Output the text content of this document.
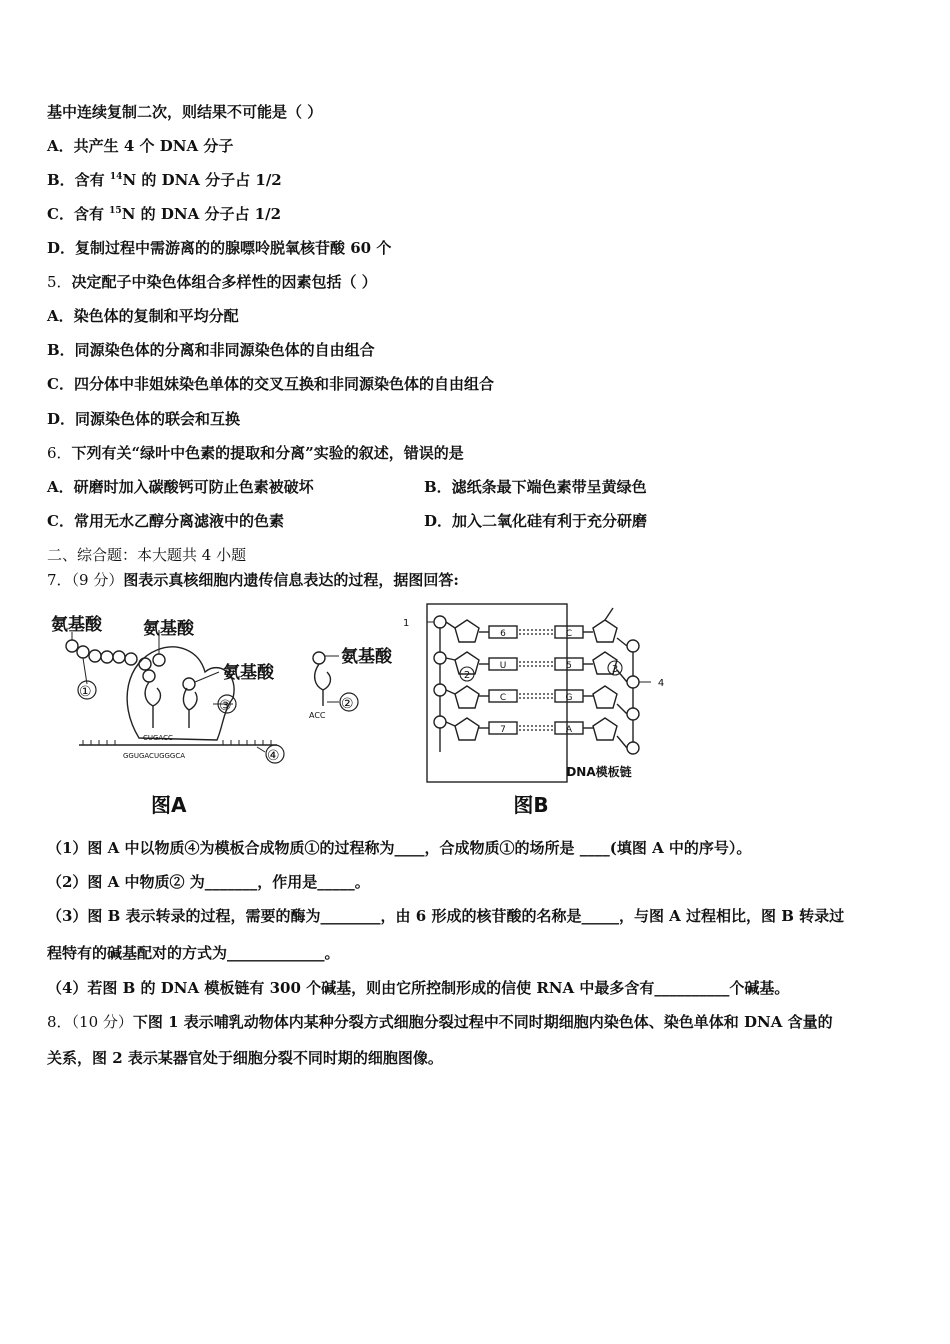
基中连续复制二次，则结果不可能是（ ）
A．共产生 4 个 DNA 分子
B．含有 $^{14}$N 的 DNA 分子占 1/2
C．含有 $^{15}$N 的 DNA 分子占 1/2
D．复制过程中需游离的的腺嘌呤脱氧核苷酸 60 个
5．决定配子中染色体组合多样性的因素包括（ ）
A．染色体的复制和平均分配
B．同源染色体的分离和非同源染色体的自由组合
C．四分体中非姐妹染色单体的交叉互换和非同源染色体的自由组合
D．同源染色体的联会和互换
6．下列有关“绿叶中色素的提取和分离”实验的叙述，错误的是
A．研磨时加入碳酸钙可防止色素被破坏	B．滤纸条最下端色素带呈黄绿色
C．常用无水乙醇分离滤液中的色素	D．加入二氧化硅有利于充分研磨
二、综合题：本大题共 4 小题
7．（9 分）图表示真核细胞内遗传信息表达的过程，据图回答:
氨基酸 氨基酸
氨基酸
氨基酸
①
③	②
④
CUGACC
GGUGACUGGGCA
ACC
图A
1
2
3
4
6
U
C
7
C
5
G
A
DNA模板链
图B
（1）图 A 中以物质④为模板合成物质①的过程称为____，合成物质①的场所是 ____(填图 A 中的序号）。
（2）图 A 中物质② 为_______，作用是_____。
（3）图 B 表示转录的过程，需要的酶为________，由 6 形成的核苷酸的名称是_____，与图 A 过程相比，图 B 转录过
程特有的碱基配对的方式为_____________。
（4）若图 B 的 DNA 模板链有 300 个碱基，则由它所控制形成的信使 RNA 中最多含有__________个碱基。
8．（10 分）下图 1 表示哺乳动物体内某种分裂方式细胞分裂过程中不同时期细胞内染色体、染色单体和 DNA 含量的
关系，图 2 表示某器官处于细胞分裂不同时期的细胞图像。
